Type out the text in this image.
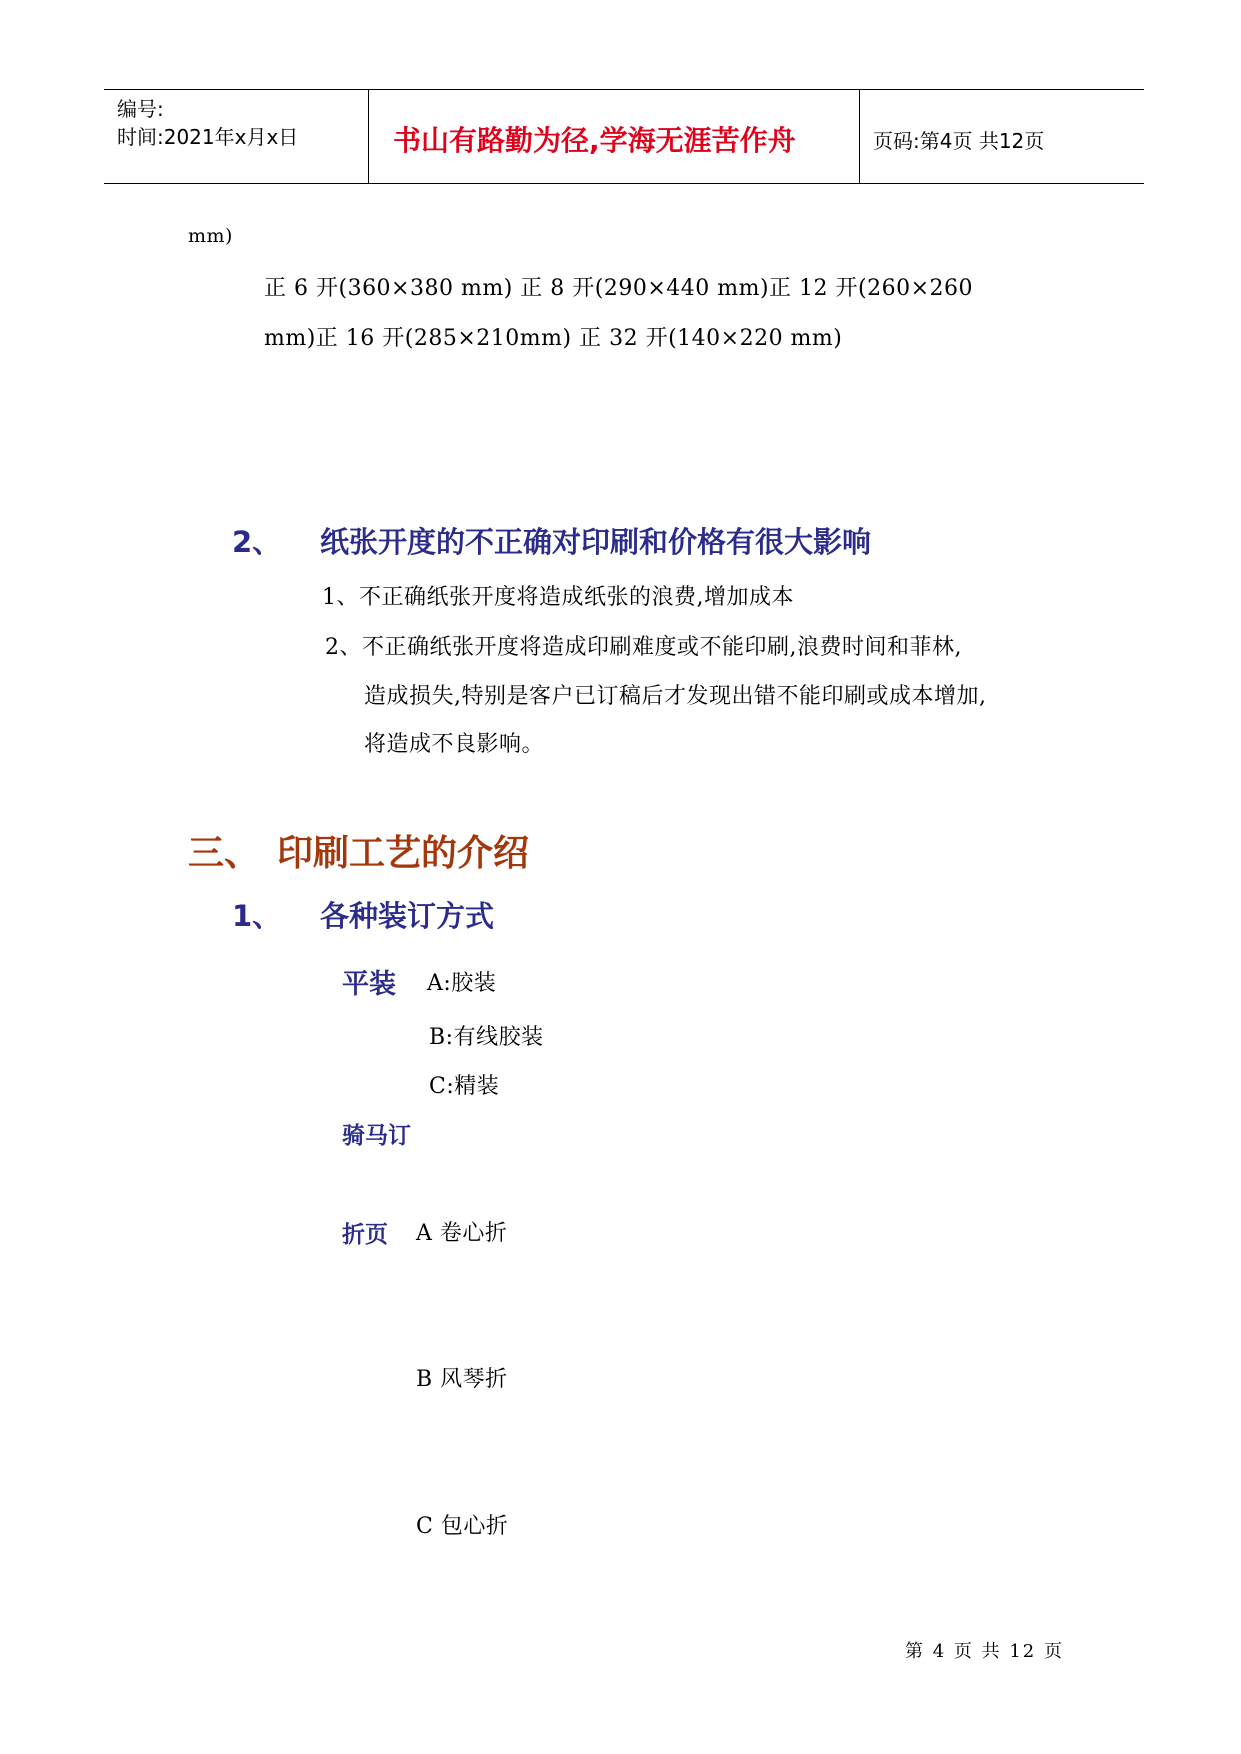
编号:
时间:2021年x月x日	书山有路勤为径,学海无涯苦作舟	页码:第4页 共12页
mm)
正 6 开(360×380 mm) 正 8 开(290×440 mm)正 12 开(260×260
mm)正 16 开(285×210mm) 正 32 开(140×220 mm)
2、 纸张开度的不正确对印刷和价格有很大影响
1、不正确纸张开度将造成纸张的浪费,增加成本
2、不正确纸张开度将造成印刷难度或不能印刷,浪费时间和菲林,
造成损失,特别是客户已订稿后才发现出错不能印刷或成本增加,
将造成不良影响。
三、 印刷工艺的介绍
1、 各种装订方式
平装 A:胶装
B:有线胶装
C:精装
骑马订
折页 A 卷心折
B 风琴折
C 包心折
第 4 页 共 12 页
